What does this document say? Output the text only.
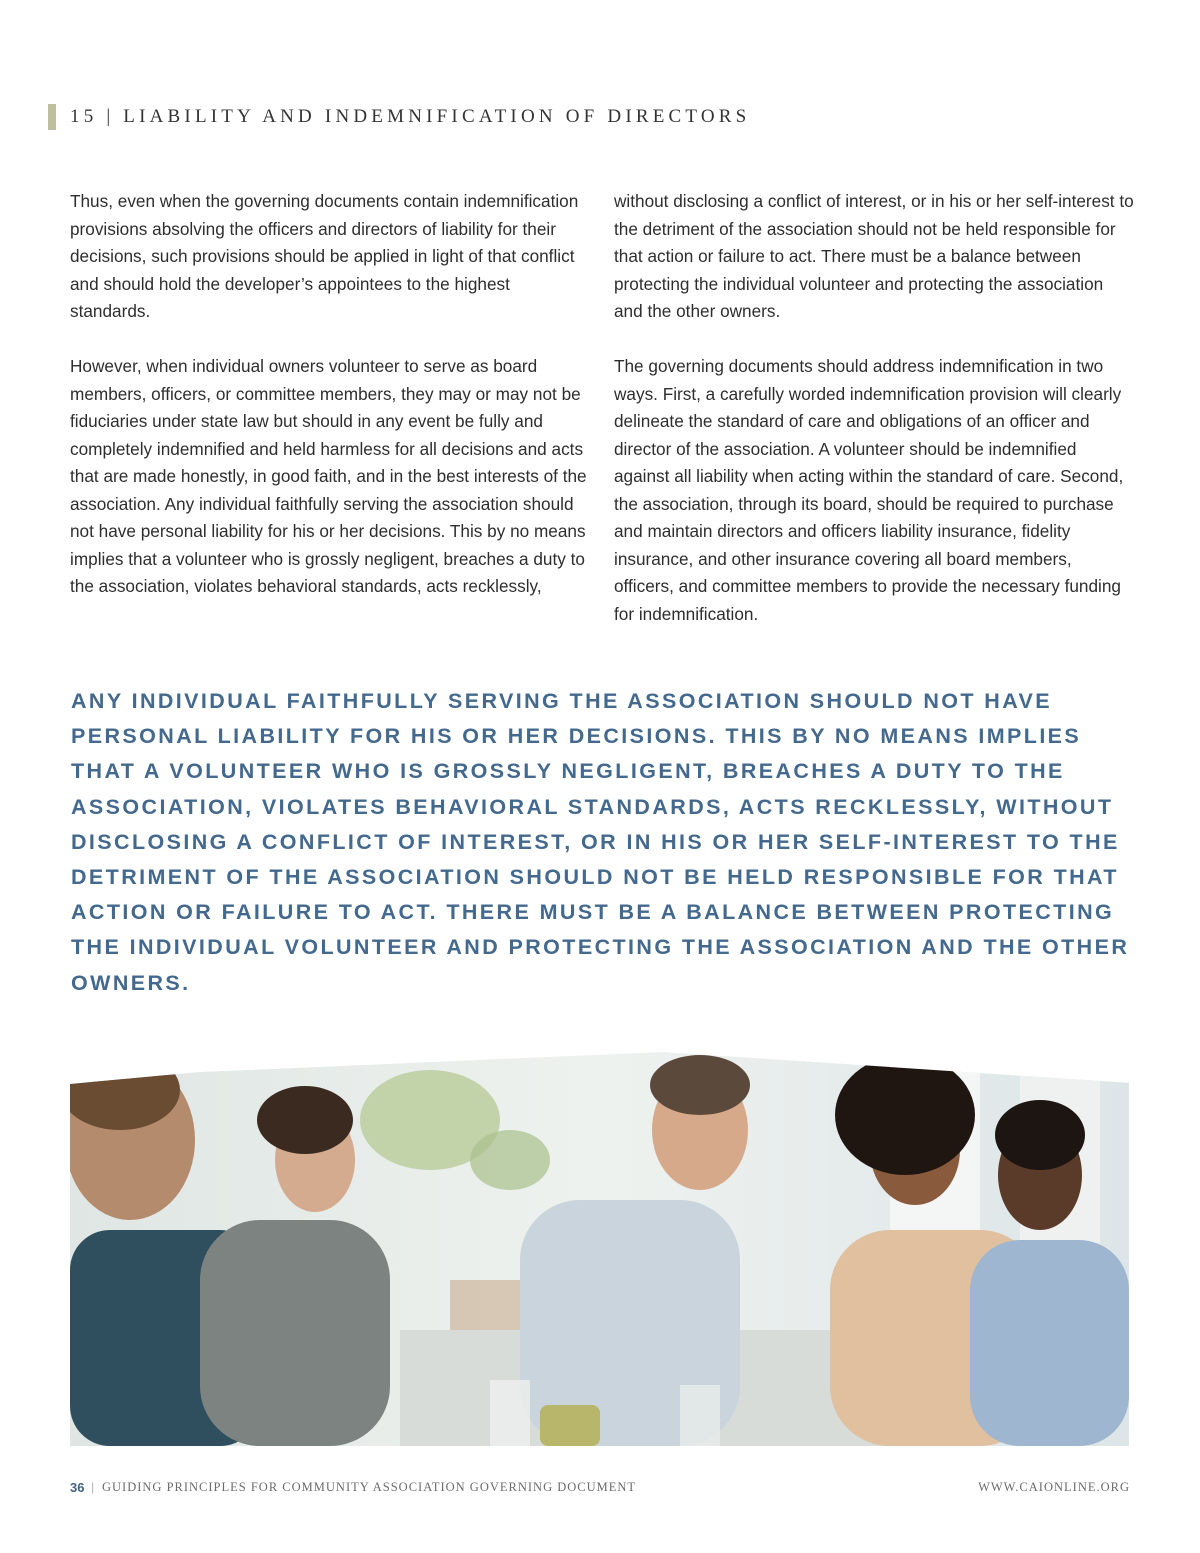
15 | LIABILITY AND INDEMNIFICATION OF DIRECTORS

Thus, even when the governing documents contain indemnification provisions absolving the officers and directors of liability for their decisions, such provisions should be applied in light of that conflict and should hold the developer’s appointees to the highest standards.

However, when individual owners volunteer to serve as board members, officers, or committee members, they may or may not be fiduciaries under state law but should in any event be fully and completely indemnified and held harmless for all decisions and acts that are made honestly, in good faith, and in the best interests of the association. Any individual faithfully serving the association should not have personal liability for his or her decisions. This by no means implies that a volunteer who is grossly negligent, breaches a duty to the association, violates behavioral standards, acts recklessly,

without disclosing a conflict of interest, or in his or her self-interest to the detriment of the association should not be held responsible for that action or failure to act. There must be a balance between protecting the individual volunteer and protecting the association and the other owners.

The governing documents should address indemnification in two ways. First, a carefully worded indemnification provision will clearly delineate the standard of care and obligations of an officer and director of the association. A volunteer should be indemnified against all liability when acting within the standard of care. Second, the association, through its board, should be required to purchase and maintain directors and officers liability insurance, fidelity insurance, and other insurance covering all board members, officers, and committee members to provide the necessary funding for indemnification.

ANY INDIVIDUAL FAITHFULLY SERVING THE ASSOCIATION SHOULD NOT HAVE PERSONAL LIABILITY FOR HIS OR HER DECISIONS. THIS BY NO MEANS IMPLIES THAT A VOLUNTEER WHO IS GROSSLY NEGLIGENT, BREACHES A DUTY TO THE ASSOCIATION, VIOLATES BEHAVIORAL STANDARDS, ACTS RECKLESSLY, WITHOUT DISCLOSING A CONFLICT OF INTEREST, OR IN HIS OR HER SELF-INTEREST TO THE DETRIMENT OF THE ASSOCIATION SHOULD NOT BE HELD RESPONSIBLE FOR THAT ACTION OR FAILURE TO ACT. THERE MUST BE A BALANCE BETWEEN PROTECTING THE INDIVIDUAL VOLUNTEER AND PROTECTING THE ASSOCIATION AND THE OTHER OWNERS.

36 | GUIDING PRINCIPLES FOR COMMUNITY ASSOCIATION GOVERNING DOCUMENT	WWW.CAIONLINE.ORG
